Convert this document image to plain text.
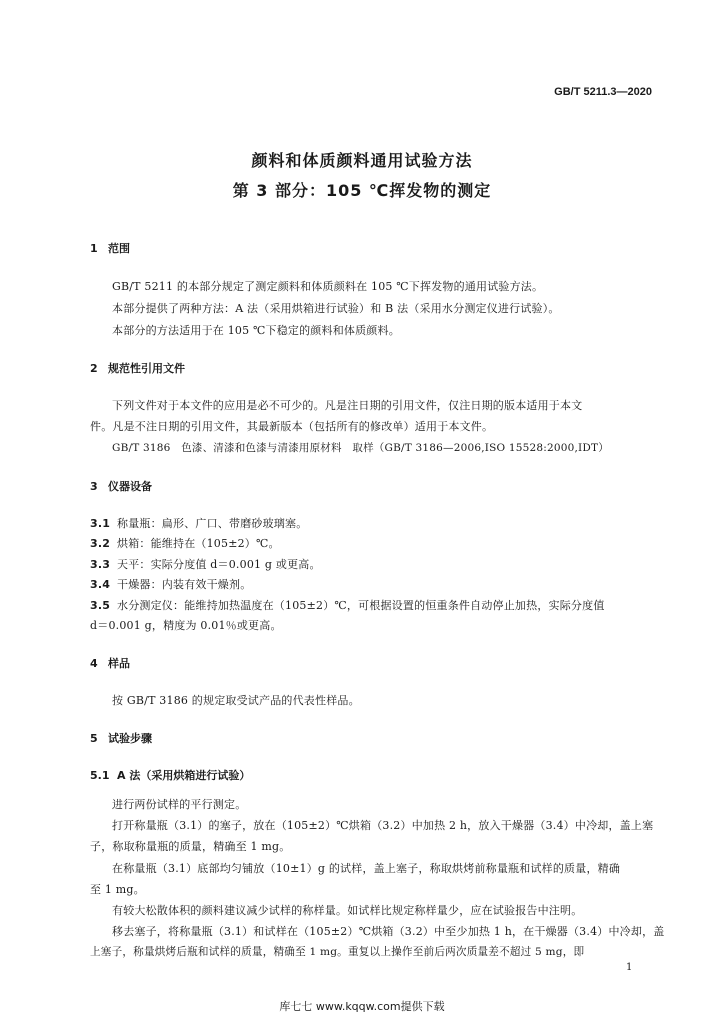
GB/T 5211.3—2020
颜料和体质颜料通用试验方法
第 3 部分：105 ℃挥发物的测定
1 范围
GB/T 5211 的本部分规定了测定颜料和体质颜料在 105 ℃下挥发物的通用试验方法。
本部分提供了两种方法：A 法（采用烘箱进行试验）和 B 法（采用水分测定仪进行试验）。
本部分的方法适用于在 105 ℃下稳定的颜料和体质颜料。
2 规范性引用文件
下列文件对于本文件的应用是必不可少的。凡是注日期的引用文件，仅注日期的版本适用于本文
件。凡是不注日期的引用文件，其最新版本（包括所有的修改单）适用于本文件。
GB/T 3186　色漆、清漆和色漆与清漆用原材料　取样（GB/T 3186—2006,ISO 15528:2000,IDT）
3 仪器设备
3.1 称量瓶：扁形、广口、带磨砂玻璃塞。
3.2 烘箱：能维持在（105±2）℃。
3.3 天平：实际分度值 d＝0.001 g 或更高。
3.4 干燥器：内装有效干燥剂。
3.5 水分测定仪：能维持加热温度在（105±2）℃，可根据设置的恒重条件自动停止加热，实际分度值
d＝0.001 g，精度为 0.01％或更高。
4 样品
按 GB/T 3186 的规定取受试产品的代表性样品。
5 试验步骤
5.1 A 法（采用烘箱进行试验）
进行两份试样的平行测定。
打开称量瓶（3.1）的塞子，放在（105±2）℃烘箱（3.2）中加热 2 h，放入干燥器（3.4）中冷却，盖上塞
子，称取称量瓶的质量，精确至 1 mg。
在称量瓶（3.1）底部均匀铺放（10±1）g 的试样，盖上塞子，称取烘烤前称量瓶和试样的质量，精确
至 1 mg。
有较大松散体积的颜料建议减少试样的称样量。如试样比规定称样量少，应在试验报告中注明。
移去塞子，将称量瓶（3.1）和试样在（105±2）℃烘箱（3.2）中至少加热 1 h，在干燥器（3.4）中冷却，盖
上塞子，称量烘烤后瓶和试样的质量，精确至 1 mg。重复以上操作至前后两次质量差不超过 5 mg，即
1
库七七 www.kqqw.com提供下载
